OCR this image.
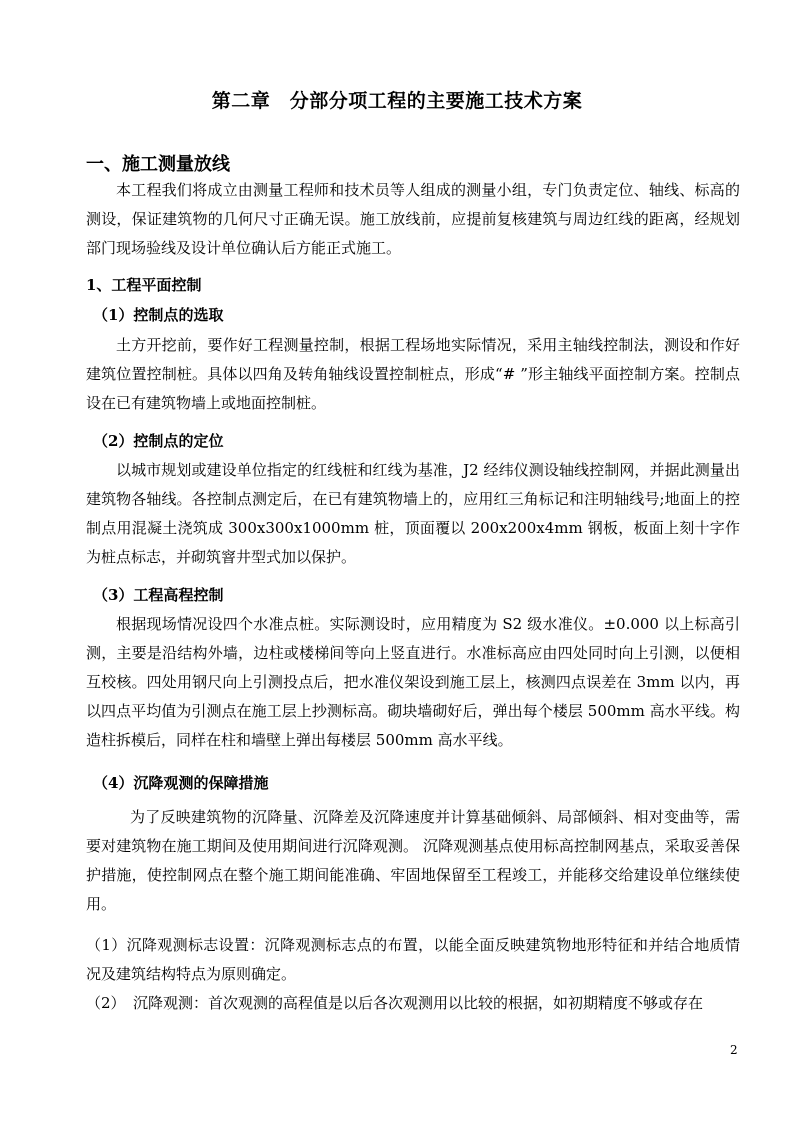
第二章　分部分项工程的主要施工技术方案
一、施工测量放线
本工程我们将成立由测量工程师和技术员等人组成的测量小组，专门负责定位、轴线、标高的测设，保证建筑物的几何尺寸正确无误。施工放线前，应提前复核建筑与周边红线的距离，经规划部门现场验线及设计单位确认后方能正式施工。
1、工程平面控制
（1）控制点的选取
土方开挖前，要作好工程测量控制，根据工程场地实际情况，采用主轴线控制法，测设和作好建筑位置控制桩。具体以四角及转角轴线设置控制桩点，形成“# ”形主轴线平面控制方案。控制点设在已有建筑物墙上或地面控制桩。
（2）控制点的定位
以城市规划或建设单位指定的红线桩和红线为基准，J2 经纬仪测设轴线控制网，并据此测量出建筑物各轴线。各控制点测定后，在已有建筑物墙上的，应用红三角标记和注明轴线号;地面上的控制点用混凝土浇筑成 300x300x1000mm 桩，顶面覆以 200x200x4mm 钢板，板面上刻十字作为桩点标志，并砌筑窨井型式加以保护。
（3）工程高程控制
根据现场情况设四个水准点桩。实际测设时，应用精度为 S2 级水准仪。±0.000 以上标高引测，主要是沿结构外墙，边柱或楼梯间等向上竖直进行。水准标高应由四处同时向上引测，以便相互校核。四处用钢尺向上引测投点后，把水准仪架设到施工层上，核测四点误差在 3mm 以内，再以四点平均值为引测点在施工层上抄测标高。砌块墙砌好后，弹出每个楼层 500mm 高水平线。构造柱拆模后，同样在柱和墙壁上弹出每楼层 500mm 高水平线。
（4）沉降观测的保障措施
为了反映建筑物的沉降量、沉降差及沉降速度并计算基础倾斜、局部倾斜、相对变曲等，需要对建筑物在施工期间及使用期间进行沉降观测。 沉降观测基点使用标高控制网基点，采取妥善保护措施，使控制网点在整个施工期间能准确、牢固地保留至工程竣工，并能移交给建设单位继续使用。
（1）沉降观测标志设置：沉降观测标志点的布置，以能全面反映建筑物地形特征和并结合地质情况及建筑结构特点为原则确定。
（2）　沉降观测：首次观测的高程值是以后各次观测用以比较的根据，如初期精度不够或存在
2
